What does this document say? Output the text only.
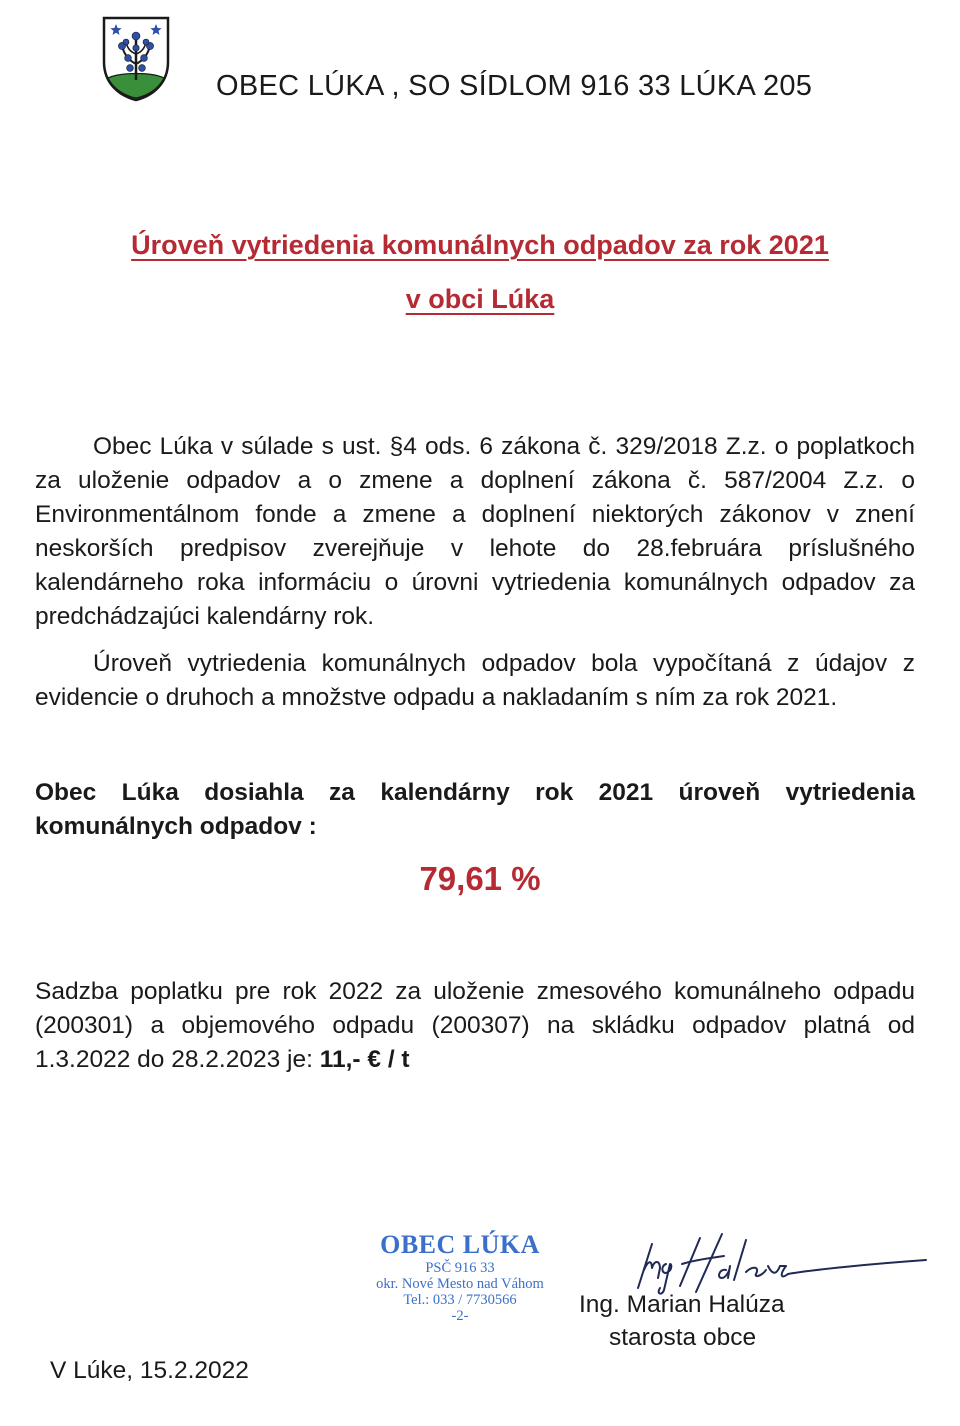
OBEC LÚKA , SO SÍDLOM 916 33 LÚKA 205
Úroveň vytriedenia komunálnych odpadov za rok 2021
v obci Lúka
Obec Lúka v súlade s ust. §4 ods. 6 zákona č. 329/2018 Z.z. o poplatkoch za uloženie odpadov a o zmene a doplnení zákona č. 587/2004 Z.z. o Environmentálnom fonde a zmene a doplnení niektorých zákonov v znení neskorších predpisov zverejňuje v lehote do 28.februára príslušného kalendárneho roka informáciu o úrovni vytriedenia komunálnych odpadov za predchádzajúci kalendárny rok.
Úroveň vytriedenia komunálnych odpadov bola vypočítaná z údajov z evidencie o druhoch a množstve odpadu a nakladaním s ním za rok 2021.
Obec Lúka dosiahla za kalendárny rok 2021 úroveň vytriedenia komunálnych odpadov :
79,61 %
Sadzba poplatku pre rok 2022 za uloženie zmesového komunálneho odpadu (200301) a objemového odpadu (200307) na skládku odpadov platná od 1.3.2022 do 28.2.2023 je: 11,- € / t
OBEC LÚKA
PSČ 916 33
okr. Nové Mesto nad Váhom
Tel.: 033 / 7730566
-2-	Ing. Marian Halúza
starosta obce
V Lúke, 15.2.2022
